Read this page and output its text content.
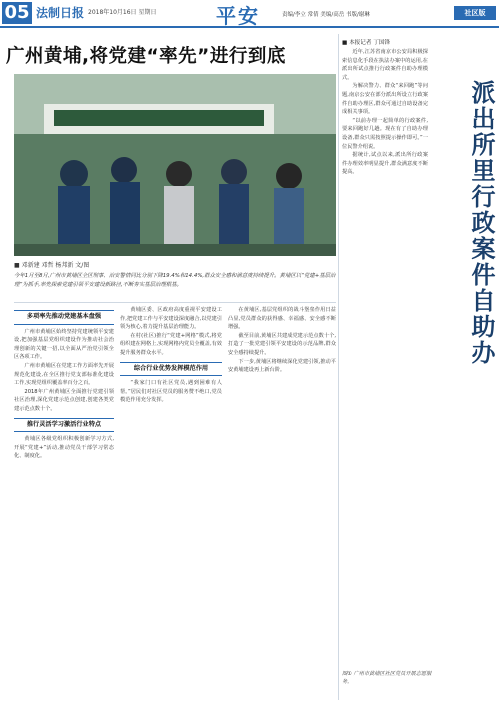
05 法制日报 2018年10月16日 星期日	平安	责编/李立 常倩 美编/高岳 书版/谢琳	社区版
广州黄埔,将党建“率先”进行到底
■ 邓新建 邓哲 杨邦新 文/图
今年1月至8月,广州市黄埔区全区刑事、治安警情同比分别下降19.4%和14.4%,群众安全感和满意度持续提升。黄埔区以“党建+基层治理”为抓手,率先探索党建引领平安建设新路径,不断夯实基层治理根基。
多项率先推动党建基本盘强
广州市黄埔区始终坚持党建统领平安建设,把加强基层党组织建设作为推动社会治理创新的关键一招,以全面从严治党引领全区各项工作。
广州市黄埔区在党建工作方面率先开展规范化建设,在全区推行党支部标准化建设工作,实现党组织覆盖率百分之百。
2018年广州黄埔区全面推行党建引领社区治理,深化党建示范点创建,创建各类党建示范点数十个。
推行灵活学习激活行业特点
黄埔区各级党组织积极创新学习方式,开展“党建+”活动,推动党员干部学习常态化、制度化。
黄埔区委、区政府高度重视平安建设工作,把党建工作与平安建设深度融合,以党建引领为核心,着力提升基层治理能力。
在村(社区)推行“党建+网格”模式,将党组织建在网格上,实现网格内党员全覆盖,有效提升服务群众水平。
综合行业优势发挥模范作用
“我家门口有社区党员,遇到困难有人帮。”居民们对社区党员的服务赞不绝口,党员模范作用充分发挥。
在黄埔区,基层党组织的战斗堡垒作用日益凸显,党员群众的获得感、幸福感、安全感不断增强。
截至目前,黄埔区共建成党建示范点数十个,打造了一批党建引领平安建设的示范品牌,群众安全感持续提升。
下一步,黄埔区将继续深化党建引领,推动平安黄埔建设再上新台阶。
■ 本报记者 丁国锋
派出所里行政案件自助办
近年,江苏省南京市公安局积极探索信息化手段在执法办案中的运用,在派出所试点推行行政案件自助办理模式。
为解决警力、群众“来回跑”等问题,南京公安在部分派出所设立行政案件自助办理区,群众可通过自助设备完成相关事项。
“以前办理一起简单的行政案件,要来回跑好几趟。现在有了自助办理设备,群众只需按照提示操作即可。”一位民警介绍说。
据统计,试点以来,派出所行政案件办理效率明显提升,群众满意度不断提高。
图① 广州市黄埔区社区党员开展志愿服务。
